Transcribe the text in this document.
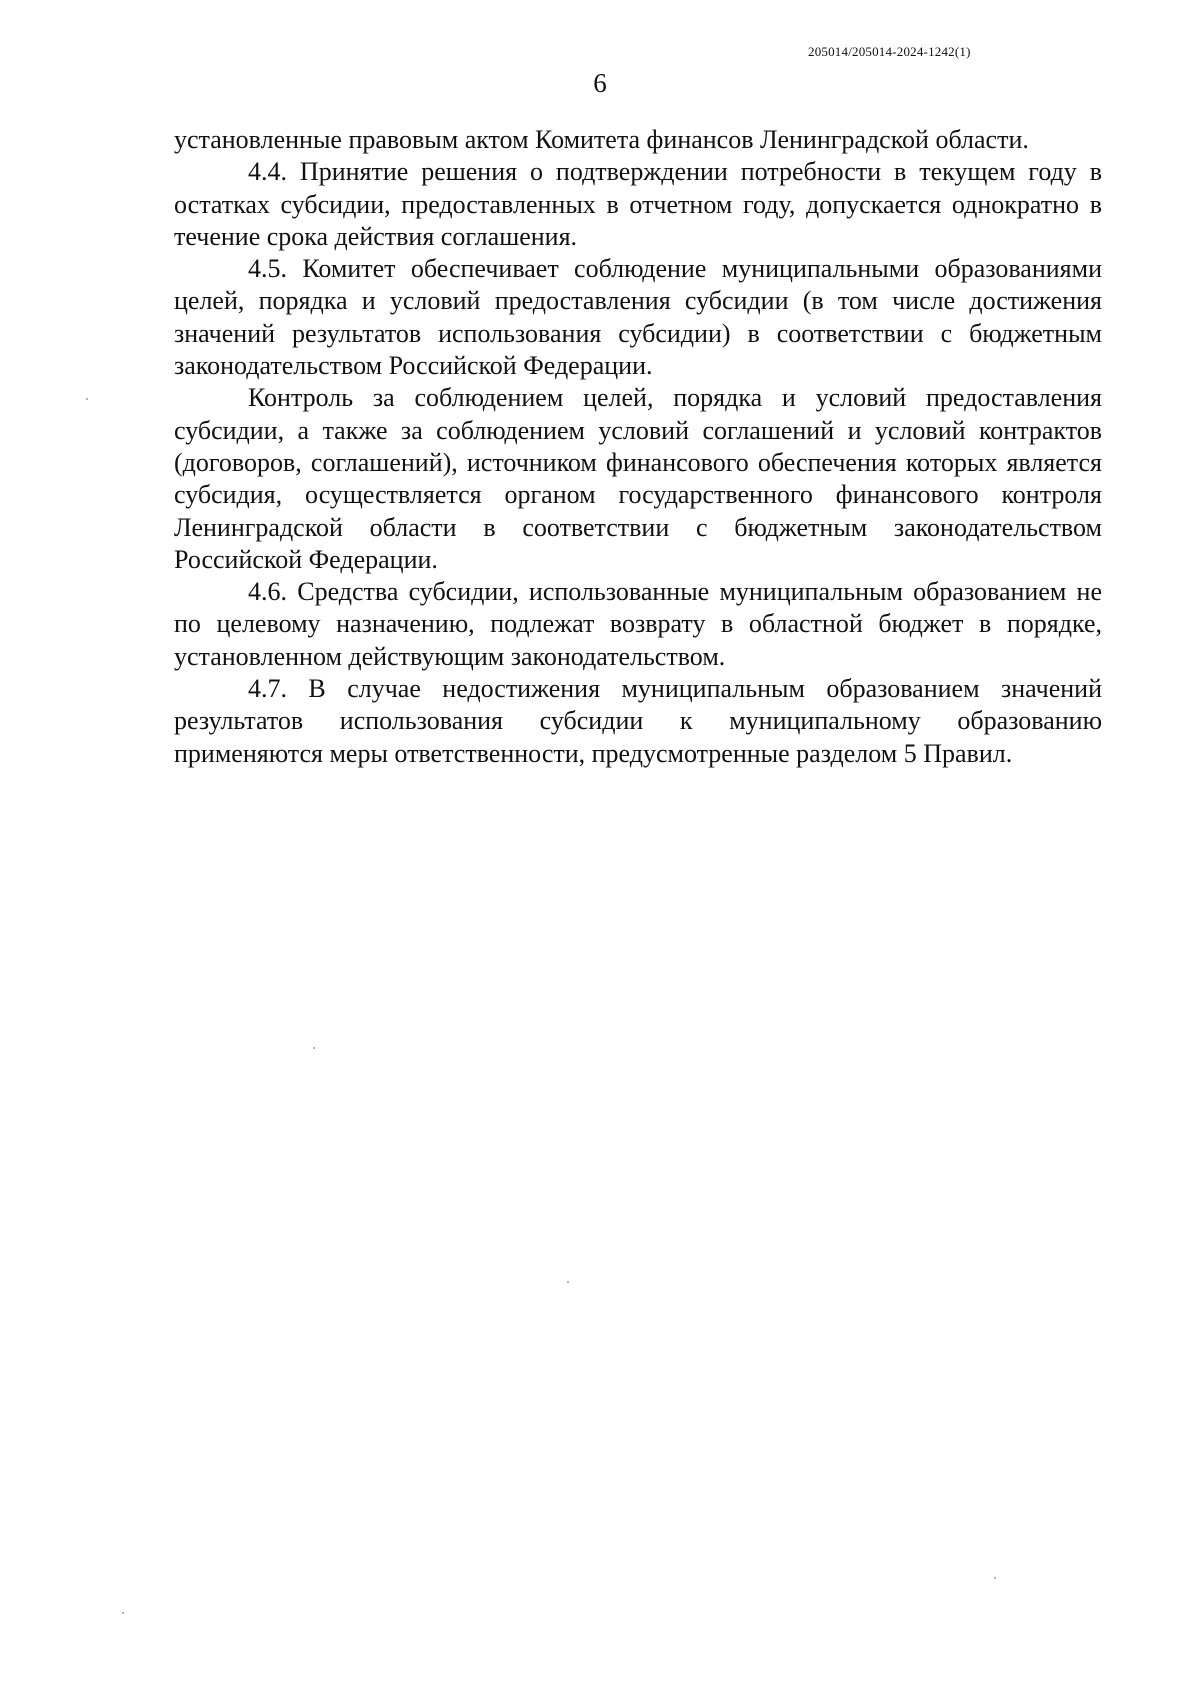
205014/205014-2024-1242(1)
6

установленные правовым актом Комитета финансов Ленинградской области.

4.4. Принятие решения о подтверждении потребности в текущем году в остатках субсидии, предоставленных в отчетном году, допускается однократно в течение срока действия соглашения.

4.5. Комитет обеспечивает соблюдение муниципальными образованиями целей, порядка и условий предоставления субсидии (в том числе достижения значений результатов использования субсидии) в соответствии с бюджетным законодательством Российской Федерации.

Контроль за соблюдением целей, порядка и условий предоставления субсидии, а также за соблюдением условий соглашений и условий контрактов (договоров, соглашений), источником финансового обеспечения которых является субсидия, осуществляется органом государственного финансового контроля Ленинградской области в соответствии с бюджетным законодательством Российской Федерации.

4.6. Средства субсидии, использованные муниципальным образованием не по целевому назначению, подлежат возврату в областной бюджет в порядке, установленном действующим законодательством.

4.7. В случае недостижения муниципальным образованием значений результатов использования субсидии к муниципальному образованию применяются меры ответственности, предусмотренные разделом 5 Правил.
